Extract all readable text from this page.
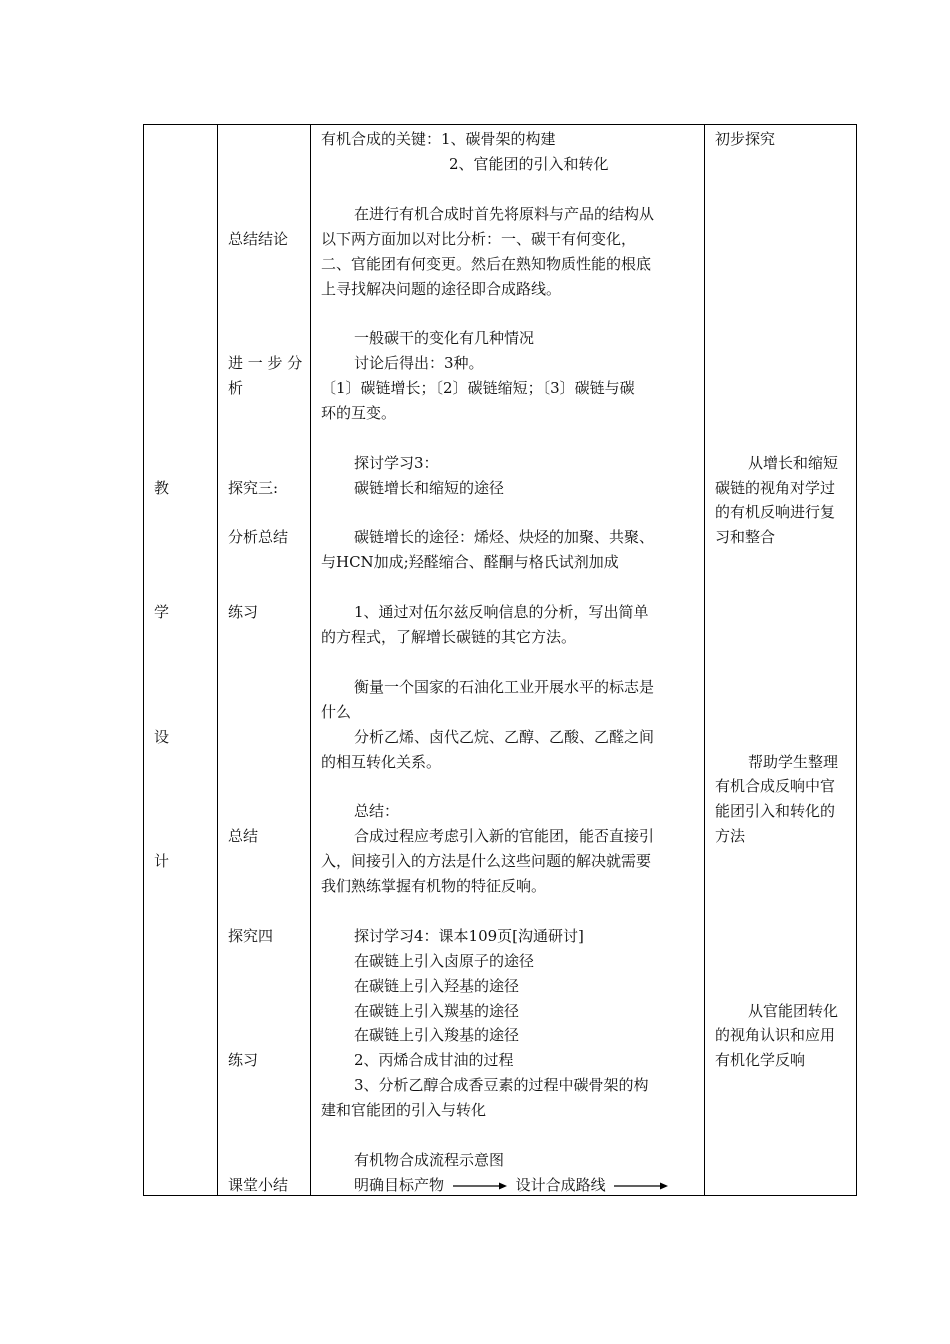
教
学
设
计
总结结论
进 一 步 分
析
探究三:
分析总结
练习
总结
探究四
练习
课堂小结
有机合成的关键：1、碳骨架的构建
2、官能团的引入和转化
在进行有机合成时首先将原料与产品的结构从
以下两方面加以对比分析：一、碳干有何变化，
二、官能团有何变更。然后在熟知物质性能的根底
上寻找解决问题的途径即合成路线。
一般碳干的变化有几种情况
讨论后得出：3种。
〔1〕碳链增长；〔2〕碳链缩短；〔3〕碳链与碳
环的互变。
探讨学习3：
碳链增长和缩短的途径
碳链增长的途径：烯烃、炔烃的加聚、共聚、
与HCN加成;羟醛缩合、醛酮与格氏试剂加成
1、通过对伍尔兹反响信息的分析，写出简单
的方程式，了解增长碳链的其它方法。
衡量一个国家的石油化工业开展水平的标志是
什么
分析乙烯、卤代乙烷、乙醇、乙酸、乙醛之间
的相互转化关系。
总结：
合成过程应考虑引入新的官能团，能否直接引
入，间接引入的方法是什么这些问题的解决就需要
我们熟练掌握有机物的特征反响。
探讨学习4：课本109页[沟通研讨]
在碳链上引入卤原子的途径
在碳链上引入羟基的途径
在碳链上引入羰基的途径
在碳链上引入羧基的途径
2、丙烯合成甘油的过程
3、分析乙醇合成香豆素的过程中碳骨架的构
建和官能团的引入与转化
有机物合成流程示意图
明确目标产物	设计合成路线
初步探究
从增长和缩短
碳链的视角对学过
的有机反响进行复
习和整合
帮助学生整理
有机合成反响中官
能团引入和转化的
方法
从官能团转化
的视角认识和应用
有机化学反响
